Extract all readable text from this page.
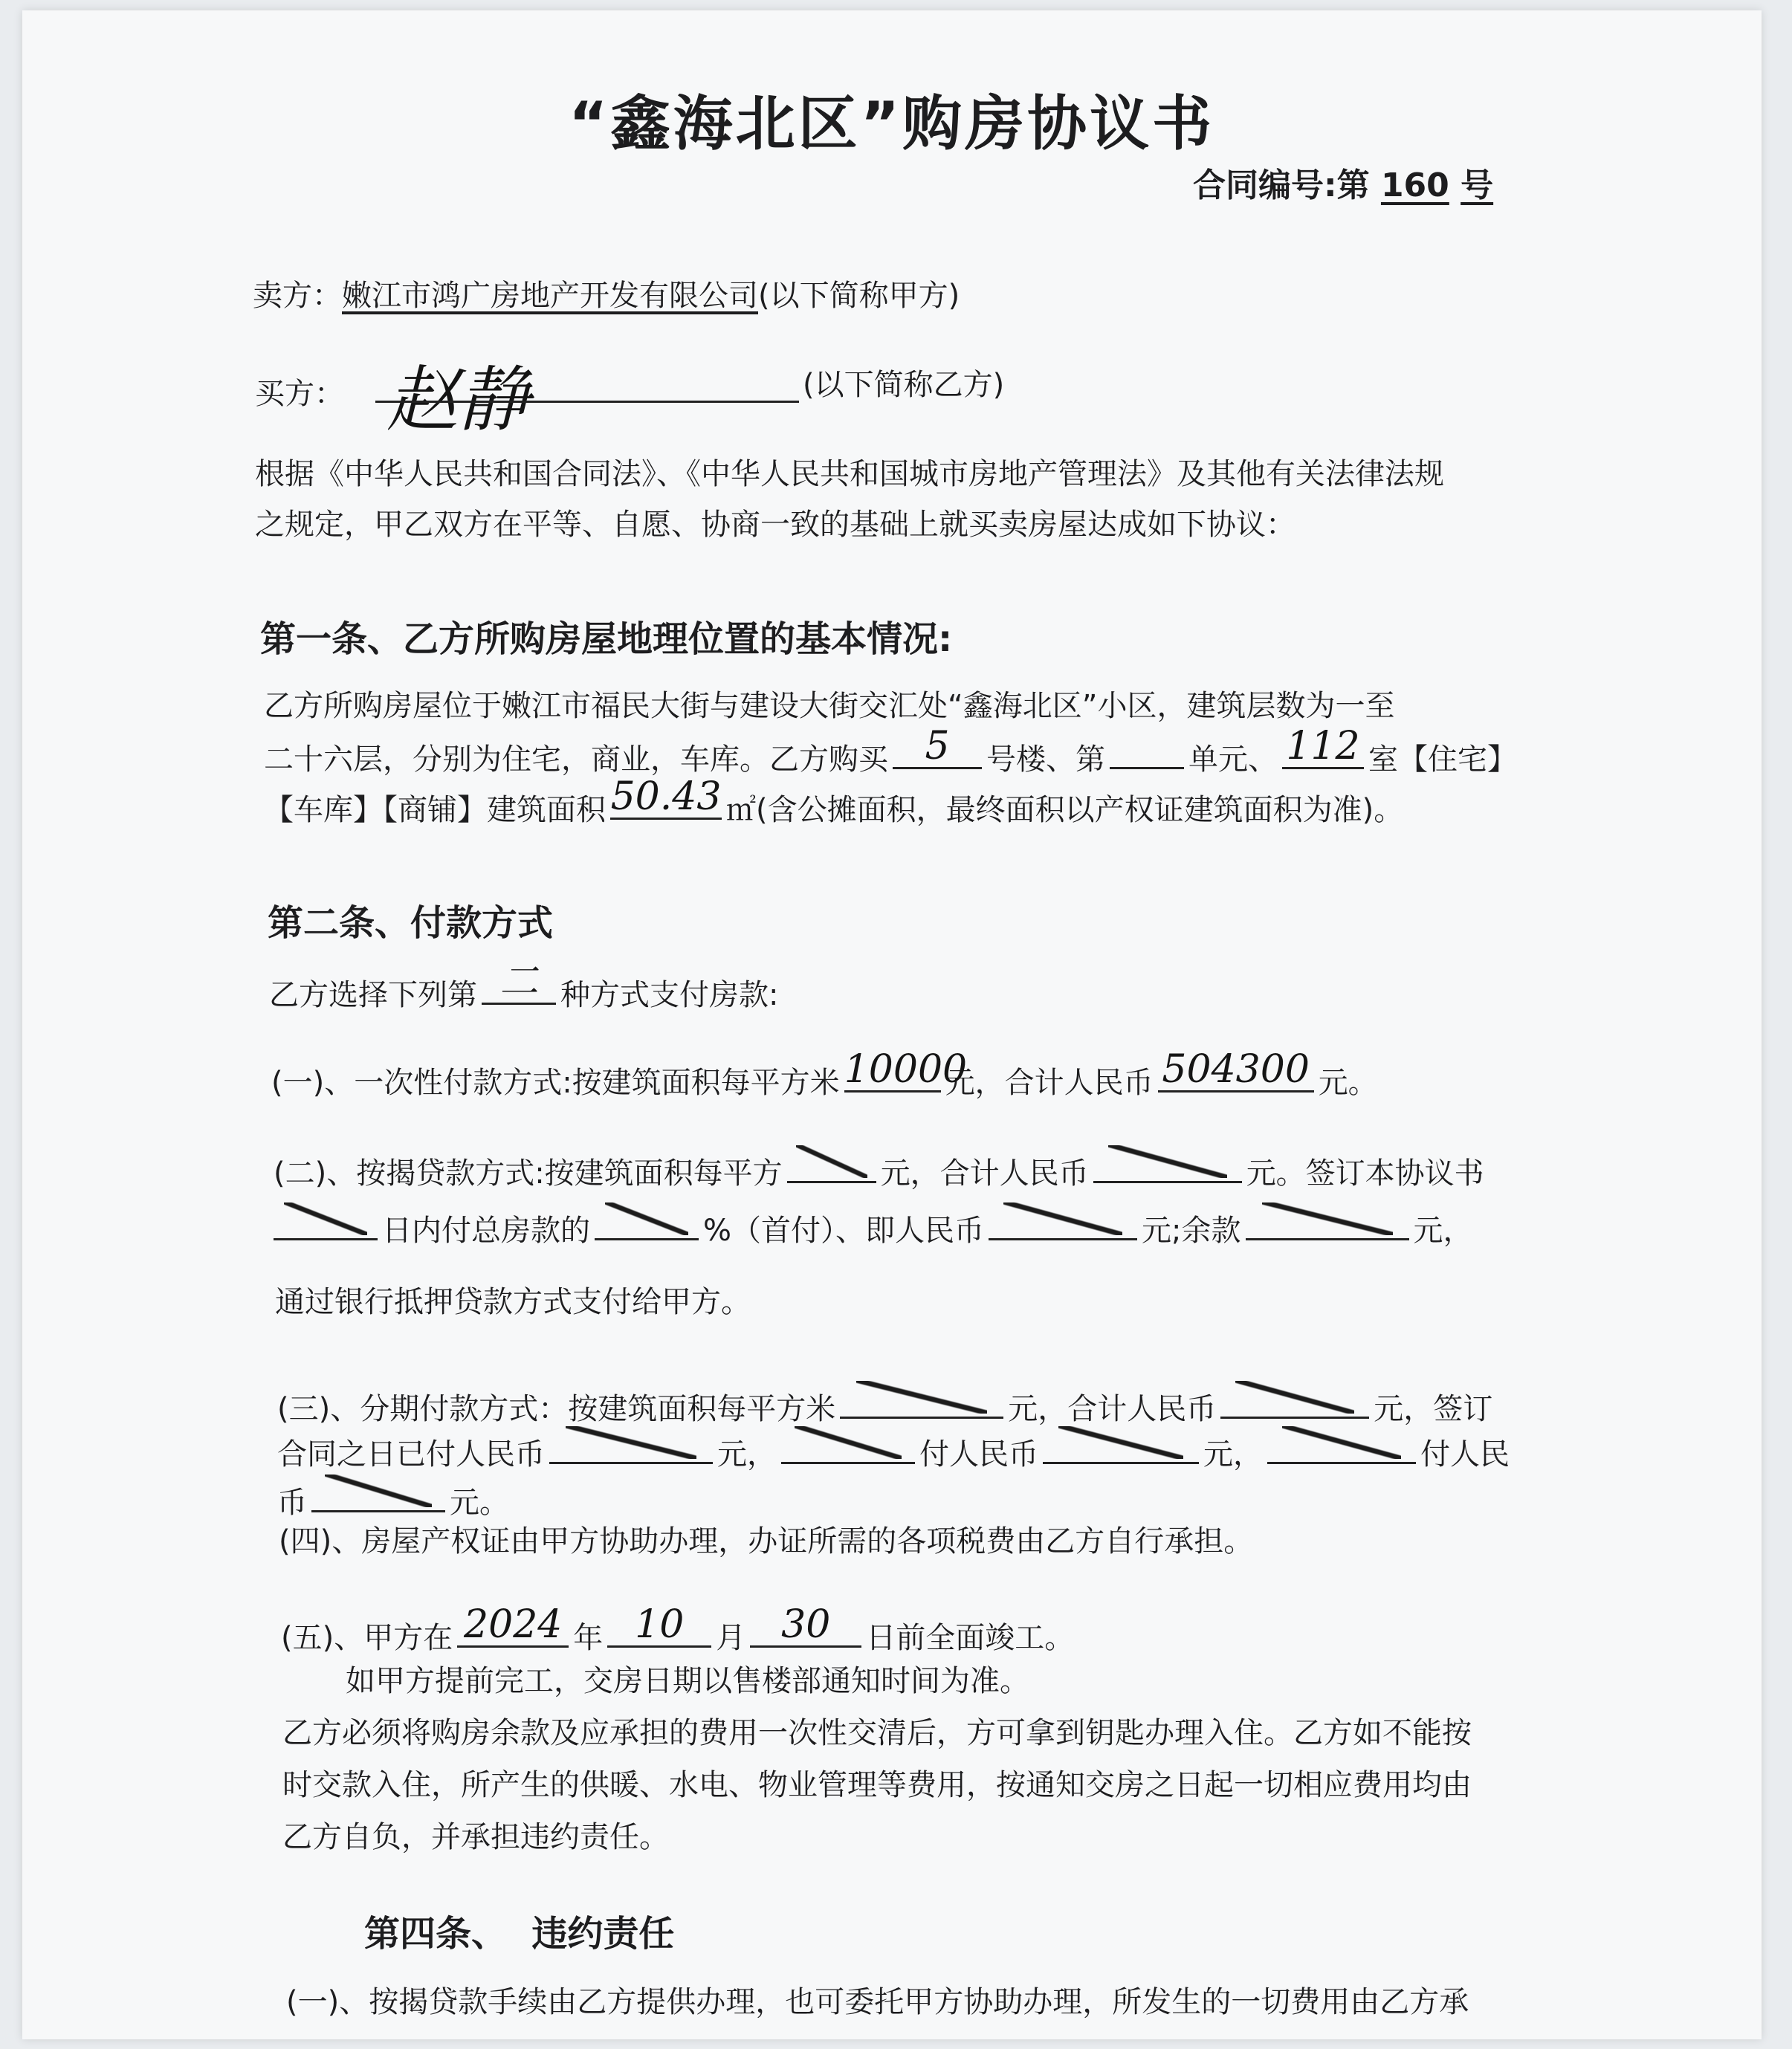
“鑫海北区”购房协议书
合同编号:第 160 号
卖方：嫩江市鸿广房地产开发有限公司(以下简称甲方)
买方： 赵静	(以下简称乙方)
根据《中华人民共和国合同法》、《中华人民共和国城市房地产管理法》及其他有关法律法规
之规定，甲乙双方在平等、自愿、协商一致的基础上就买卖房屋达成如下协议：
第一条、乙方所购房屋地理位置的基本情况:
乙方所购房屋位于嫩江市福民大街与建设大街交汇处“鑫海北区”小区，建筑层数为一至
二十六层，分别为住宅，商业，车库。乙方购买 5	号楼、第	单元、 112 室【住宅】
【车库】【商铺】建筑面积 50.43 ㎡(含公摊面积，最终面积以产权证建筑面积为准)。
第二条、付款方式
乙方选择下列第 二 种方式支付房款:
(一)、一次性付款方式:按建筑面积每平方米 10000
元，合计人民币 504300 元。
(二)、按揭贷款方式:按建筑面积每平方	元，合计人民币	元。签订本协议书
日内付总房款的	%（首付）、即人民币	元;余款	元，
通过银行抵押贷款方式支付给甲方。
(三)、分期付款方式：按建筑面积每平方米	元，合计人民币	元，签订
合同之日已付人民币	元，	付人民币	元，	付人民
币	元。
(四)、房屋产权证由甲方协助办理，办证所需的各项税费由乙方自行承担。
(五)、甲方在 2024 年 10	月 30	日前全面竣工。
如甲方提前完工，交房日期以售楼部通知时间为准。
乙方必须将购房余款及应承担的费用一次性交清后，方可拿到钥匙办理入住。乙方如不能按
时交款入住，所产生的供暖、水电、物业管理等费用，按通知交房之日起一切相应费用均由
乙方自负，并承担违约责任。
第四条、  违约责任
(一)、按揭贷款手续由乙方提供办理，也可委托甲方协助办理，所发生的一切费用由乙方承
